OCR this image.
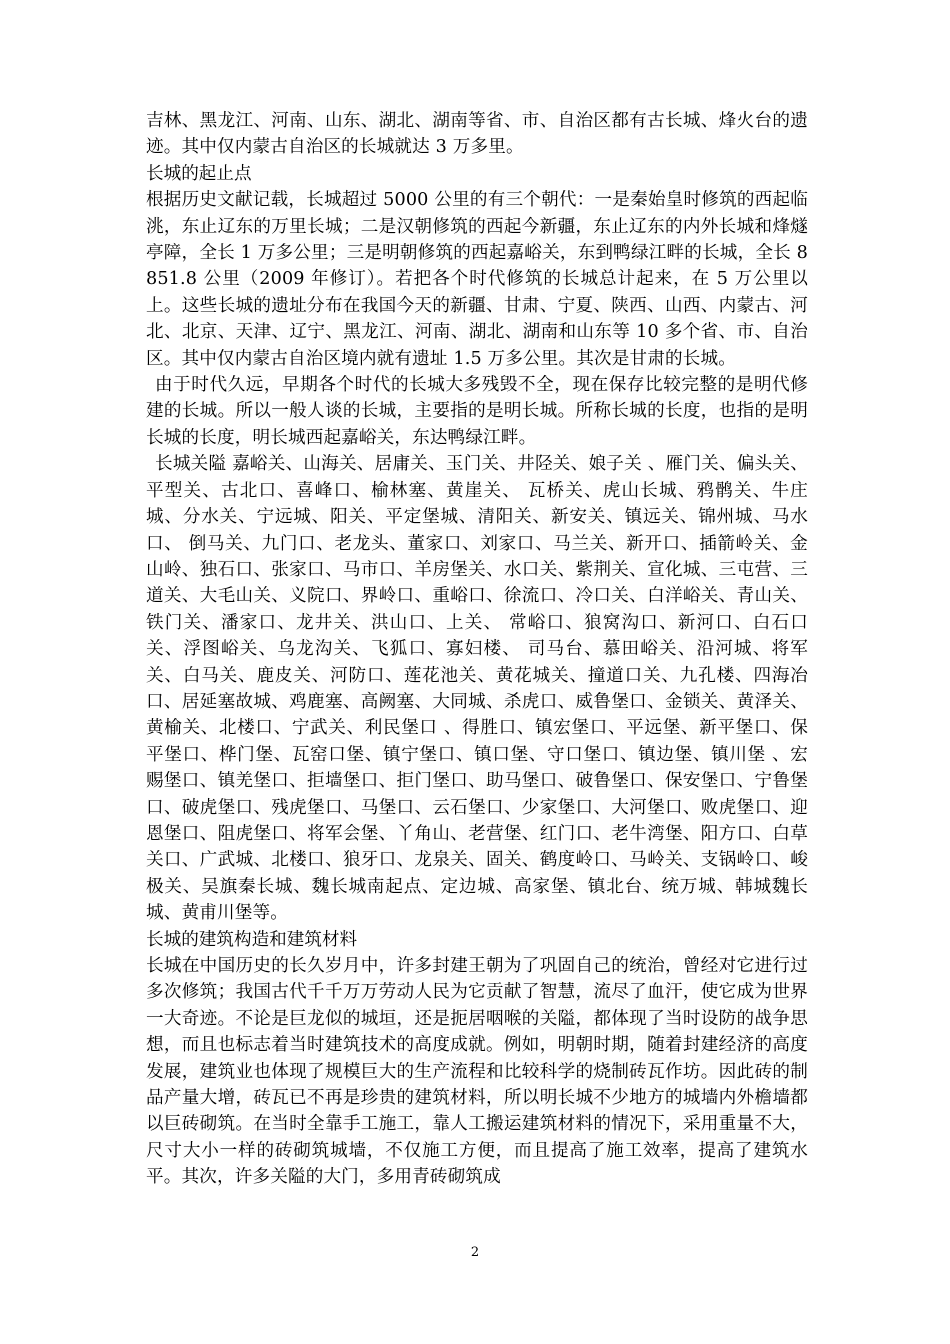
吉林、黑龙江、河南、山东、湖北、湖南等省、市、自治区都有古长城、烽火台的遗迹。其中仅内蒙古自治区的长城就达 3 万多里。

长城的起止点

根据历史文献记载，长城超过 5000 公里的有三个朝代：一是秦始皇时修筑的西起临洮，东止辽东的万里长城；二是汉朝修筑的西起今新疆，东止辽东的内外长城和烽燧亭障，全长 1 万多公里；三是明朝修筑的西起嘉峪关，东到鸭绿江畔的长城，全长 8851.8 公里（2009 年修订）。若把各个时代修筑的长城总计起来，在 5 万公里以上。这些长城的遗址分布在我国今天的新疆、甘肃、宁夏、陕西、山西、内蒙古、河北、北京、天津、辽宁、黑龙江、河南、湖北、湖南和山东等 10 多个省、市、自治区。其中仅内蒙古自治区境内就有遗址 1.5 万多公里。其次是甘肃的长城。

由于时代久远，早期各个时代的长城大多残毁不全，现在保存比较完整的是明代修建的长城。所以一般人谈的长城，主要指的是明长城。所称长城的长度，也指的是明长城的长度，明长城西起嘉峪关，东达鸭绿江畔。

长城关隘 嘉峪关、山海关、居庸关、玉门关、井陉关、娘子关 、雁门关、偏头关、平型关、古北口、喜峰口、榆林塞、黄崖关、 瓦桥关、虎山长城、鸦鹘关、牛庄城、分水关、宁远城、阳关、平定堡城、清阳关、新安关、镇远关、锦州城、马水口、 倒马关、九门口、老龙头、董家口、刘家口、马兰关、新开口、插箭岭关、金山岭、独石口、张家口、马市口、羊房堡关、水口关、紫荆关、宣化城、三屯营、三道关、大毛山关、义院口、界岭口、重峪口、徐流口、冷口关、白洋峪关、青山关、 铁门关、潘家口、龙井关、洪山口、上关、 常峪口、狼窝沟口、新河口、白石口关、浮图峪关、乌龙沟关、飞狐口、寡妇楼、 司马台、慕田峪关、沿河城、将军关、白马关、鹿皮关、河防口、莲花池关、黄花城关、撞道口关、九孔楼、四海冶口、居延塞故城、鸡鹿塞、高阙塞、大同城、杀虎口、威鲁堡口、金锁关、黄泽关、黄榆关、北楼口、宁武关、利民堡口 、得胜口、镇宏堡口、平远堡、新平堡口、保平堡口、桦门堡、瓦窑口堡、镇宁堡口、镇口堡、守口堡口、镇边堡、镇川堡 、宏赐堡口、镇羌堡口、拒墙堡口、拒门堡口、助马堡口、破鲁堡口、保安堡口、宁鲁堡口、破虎堡口、残虎堡口、马堡口、云石堡口、少家堡口、大河堡口、败虎堡口、迎恩堡口、阻虎堡口、将军会堡、丫角山、老营堡、红门口、老牛湾堡、阳方口、白草关口、广武城、北楼口、狼牙口、龙泉关、固关、鹤度岭口、马岭关、支锅岭口、峻极关、吴旗秦长城、魏长城南起点、定边城、高家堡、镇北台、统万城、韩城魏长城、黄甫川堡等。

长城的建筑构造和建筑材料

长城在中国历史的长久岁月中，许多封建王朝为了巩固自己的统治，曾经对它进行过多次修筑；我国古代千千万万劳动人民为它贡献了智慧，流尽了血汗，使它成为世界一大奇迹。不论是巨龙似的城垣，还是扼居咽喉的关隘，都体现了当时设防的战争思想，而且也标志着当时建筑技术的高度成就。例如，明朝时期，随着封建经济的高度发展，建筑业也体现了规模巨大的生产流程和比较科学的烧制砖瓦作坊。因此砖的制品产量大增，砖瓦已不再是珍贵的建筑材料，所以明长城不少地方的城墙内外檐墙都以巨砖砌筑。在当时全靠手工施工，靠人工搬运建筑材料的情况下，采用重量不大，尺寸大小一样的砖砌筑城墙，不仅施工方便，而且提高了施工效率，提高了建筑水平。其次，许多关隘的大门，多用青砖砌筑成

2
